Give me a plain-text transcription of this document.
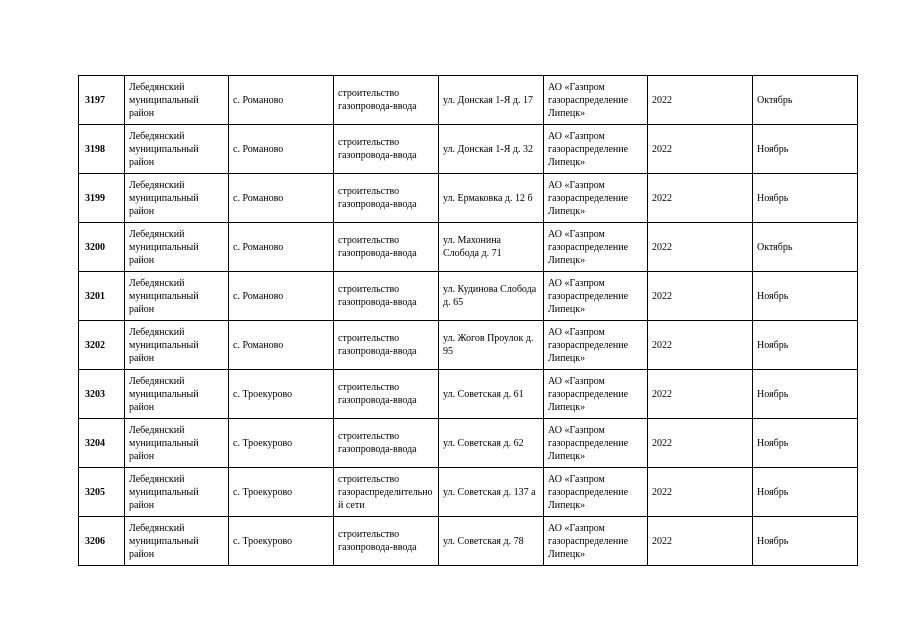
3197	Лебедянский муниципальный район	с. Романово	строительство газопровода-ввода	ул. Донская 1-Я д. 17	АО «Газпром газораспределение Липецк»	2022	Октябрь
3198	Лебедянский муниципальный район	с. Романово	строительство газопровода-ввода	ул. Донская 1-Я д. 32	АО «Газпром газораспределение Липецк»	2022	Ноябрь
3199	Лебедянский муниципальный район	с. Романово	строительство газопровода-ввода	ул. Ермаковка д. 12 б	АО «Газпром газораспределение Липецк»	2022	Ноябрь
3200	Лебедянский муниципальный район	с. Романово	строительство газопровода-ввода	ул. Махонина Слобода д. 71	АО «Газпром газораспределение Липецк»	2022	Октябрь
3201	Лебедянский муниципальный район	с. Романово	строительство газопровода-ввода	ул. Кудинова Слобода д. 65	АО «Газпром газораспределение Липецк»	2022	Ноябрь
3202	Лебедянский муниципальный район	с. Романово	строительство газопровода-ввода	ул. Жогов Проулок д. 95	АО «Газпром газораспределение Липецк»	2022	Ноябрь
3203	Лебедянский муниципальный район	с. Троекурово	строительство газопровода-ввода	ул. Советская д. 61	АО «Газпром газораспределение Липецк»	2022	Ноябрь
3204	Лебедянский муниципальный район	с. Троекурово	строительство газопровода-ввода	ул. Советская д. 62	АО «Газпром газораспределение Липецк»	2022	Ноябрь
3205	Лебедянский муниципальный район	с. Троекурово	строительство газораспределительной сети	ул. Советская д. 137 а	АО «Газпром газораспределение Липецк»	2022	Ноябрь
3206	Лебедянский муниципальный район	с. Троекурово	строительство газопровода-ввода	ул. Советская д. 78	АО «Газпром газораспределение Липецк»	2022	Ноябрь
